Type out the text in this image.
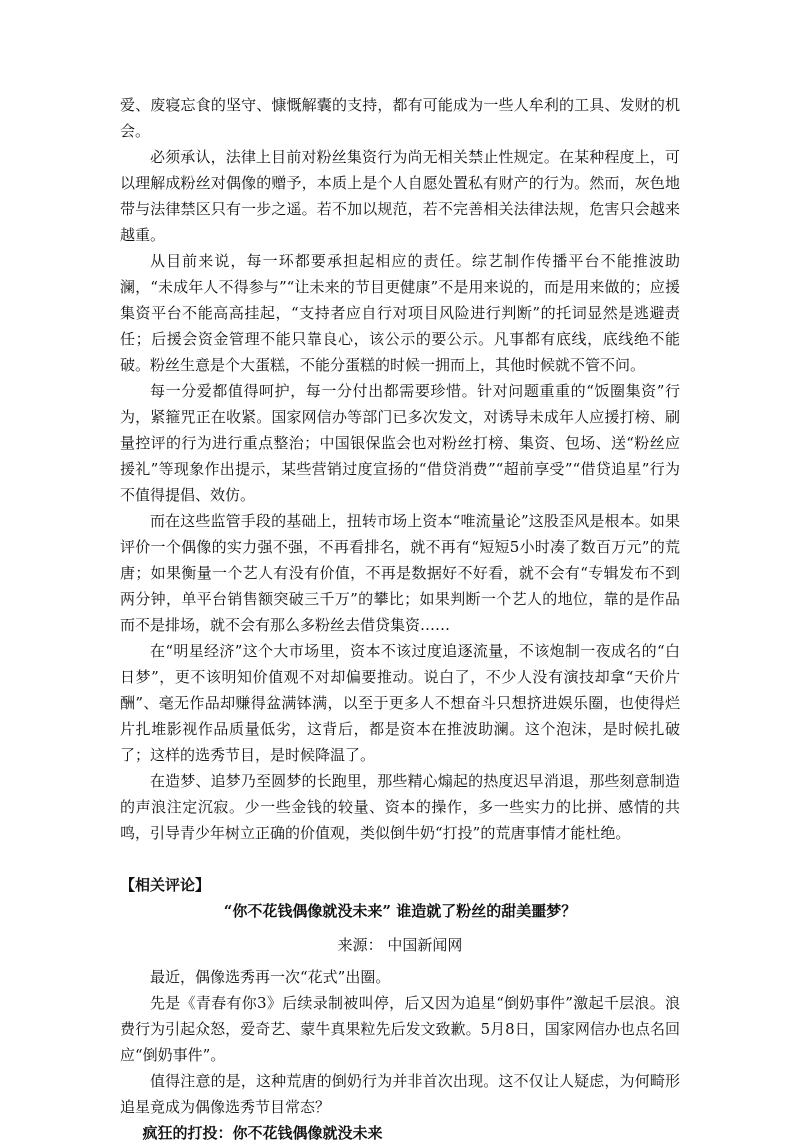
爱、废寝忘食的坚守、慷慨解囊的支持，都有可能成为一些人牟利的工具、发财的机会。

必须承认，法律上目前对粉丝集资行为尚无相关禁止性规定。在某种程度上，可以理解成粉丝对偶像的赠予，本质上是个人自愿处置私有财产的行为。然而，灰色地带与法律禁区只有一步之遥。若不加以规范，若不完善相关法律法规，危害只会越来越重。

从目前来说，每一环都要承担起相应的责任。综艺制作传播平台不能推波助澜，“未成年人不得参与”“让未来的节目更健康”不是用来说的，而是用来做的；应援集资平台不能高高挂起，“支持者应自行对项目风险进行判断”的托词显然是逃避责任；后援会资金管理不能只靠良心，该公示的要公示。凡事都有底线，底线绝不能破。粉丝生意是个大蛋糕，不能分蛋糕的时候一拥而上，其他时候就不管不问。

每一分爱都值得呵护，每一分付出都需要珍惜。针对问题重重的“饭圈集资”行为，紧箍咒正在收紧。国家网信办等部门已多次发文，对诱导未成年人应援打榜、刷量控评的行为进行重点整治；中国银保监会也对粉丝打榜、集资、包场、送“粉丝应援礼”等现象作出提示，某些营销过度宣扬的“借贷消费”“超前享受”“借贷追星”行为不值得提倡、效仿。

而在这些监管手段的基础上，扭转市场上资本“唯流量论”这股歪风是根本。如果评价一个偶像的实力强不强，不再看排名，就不再有“短短5小时凑了数百万元”的荒唐；如果衡量一个艺人有没有价值，不再是数据好不好看，就不会有“专辑发布不到两分钟，单平台销售额突破三千万”的攀比；如果判断一个艺人的地位，靠的是作品而不是排场，就不会有那么多粉丝去借贷集资……

在“明星经济”这个大市场里，资本不该过度追逐流量，不该炮制一夜成名的“白日梦”，更不该明知价值观不对却偏要推动。说白了，不少人没有演技却拿“天价片酬”、毫无作品却赚得盆满钵满，以至于更多人不想奋斗只想挤进娱乐圈，也使得烂片扎堆影视作品质量低劣，这背后，都是资本在推波助澜。这个泡沫，是时候扎破了；这样的选秀节目，是时候降温了。

在造梦、追梦乃至圆梦的长跑里，那些精心煽起的热度迟早消退，那些刻意制造的声浪注定沉寂。少一些金钱的较量、资本的操作，多一些实力的比拼、感情的共鸣，引导青少年树立正确的价值观，类似倒牛奶“打投”的荒唐事情才能杜绝。

【相关评论】

“你不花钱偶像就没未来” 谁造就了粉丝的甜美噩梦？

来源： 中国新闻网

最近，偶像选秀再一次“花式”出圈。

先是《青春有你3》后续录制被叫停，后又因为追星“倒奶事件”激起千层浪。浪费行为引起众怒，爱奇艺、蒙牛真果粒先后发文致歉。5月8日，国家网信办也点名回应“倒奶事件”。

值得注意的是，这种荒唐的倒奶行为并非首次出现。这不仅让人疑虑，为何畸形追星竟成为偶像选秀节目常态？

疯狂的打投：你不花钱偶像就没未来
